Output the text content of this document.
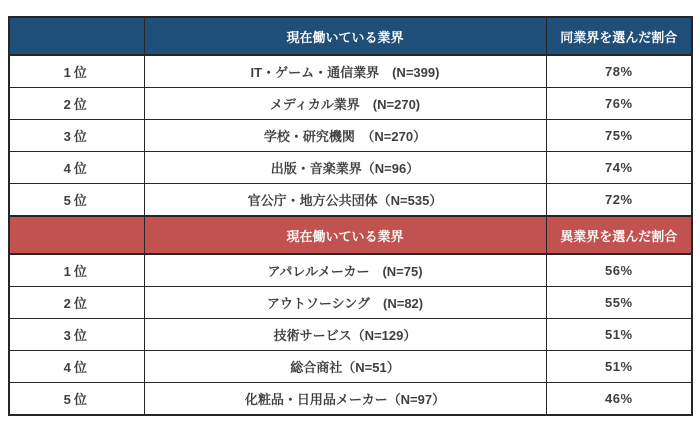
	現在働いている業界	同業界を選んだ割合
1位	IT・ゲーム・通信業界　(N=399)	78%
2位	メディカル業界　(N=270)	76%
3位	学校・研究機関　（N=270）	75%
4位	出版・音楽業界（N=96）	74%
5位	官公庁・地方公共団体（N=535）	72%
	現在働いている業界	異業界を選んだ割合
1位	アパレルメーカー　(N=75)	56%
2位	アウトソーシング　(N=82)	55%
3位	技術サービス（N=129）	51%
4位	総合商社（N=51）	51%
5位	化粧品・日用品メーカー（N=97）	46%
